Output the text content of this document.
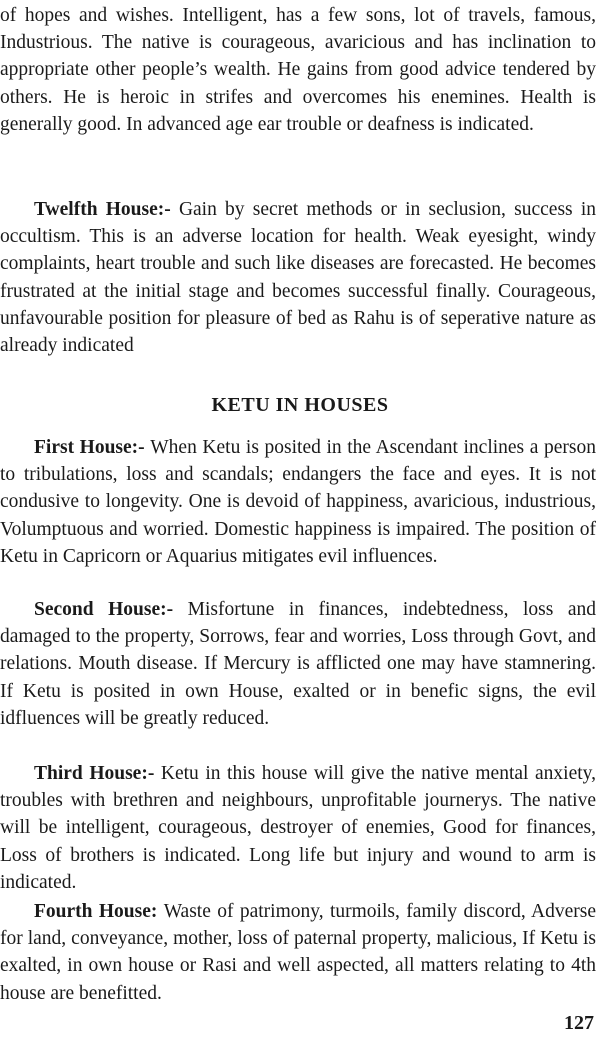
of hopes and wishes. Intelligent, has a few sons, lot of travels, famous, Industrious. The native is courageous, avaricious and has inclination to appropriate other people’s wealth. He gains from good advice tendered by others. He is heroic in strifes and overcomes his enemines. Health is generally good. In advanced age ear trouble or deafness is indicated.

Twelfth House:- Gain by secret methods or in seclusion, success in occultism. This is an adverse location for health. Weak eyesight, windy complaints, heart trouble and such like diseases are forecasted. He becomes frustrated at the initial stage and becomes successful finally. Courageous, unfavourable position for pleasure of bed as Rahu is of seperative nature as already indicated

KETU IN HOUSES

First House:- When Ketu is posited in the Ascendant inclines a person to tribulations, loss and scandals; endangers the face and eyes. It is not condusive to longevity. One is devoid of happiness, avaricious, industrious, Volumptuous and worried. Domestic happiness is impaired. The position of Ketu in Capricorn or Aquarius mitigates evil influences.

Second House:- Misfortune in finances, indebtedness, loss and damaged to the property, Sorrows, fear and worries, Loss through Govt, and relations. Mouth disease. If Mercury is afflicted one may have stamnering. If Ketu is posited in own House, exalted or in benefic signs, the evil idfluences will be greatly reduced.

Third House:- Ketu in this house will give the native mental anxiety, troubles with brethren and neighbours, unprofitable journerys. The native will be intelligent, courageous, destroyer of enemies, Good for finances, Loss of brothers is indicated. Long life but injury and wound to arm is indicated.

Fourth House: Waste of patrimony, turmoils, family discord, Adverse for land, conveyance, mother, loss of paternal property, malicious, If Ketu is exalted, in own house or Rasi and well aspected, all matters relating to 4th house are benefitted.

127
